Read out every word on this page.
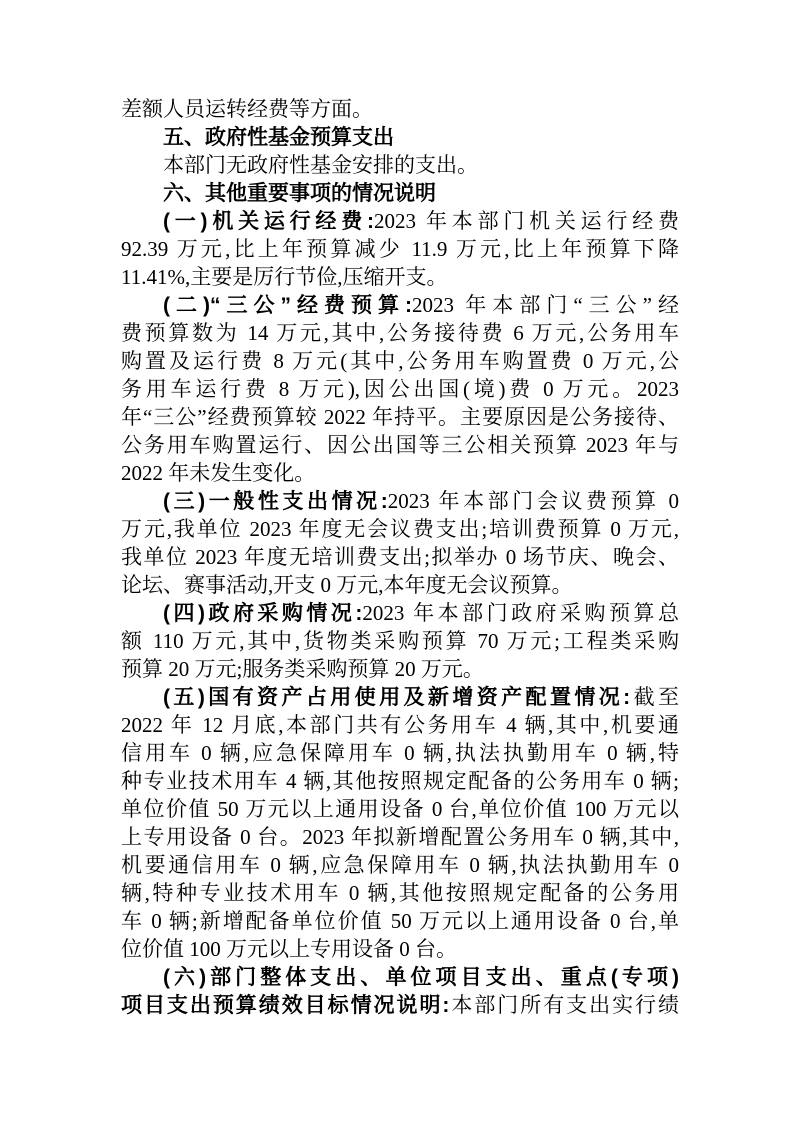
差额人员运转经费等方面。
五、政府性基金预算支出
本部门无政府性基金安排的支出。
六、其他重要事项的情况说明
(一)机关运行经费:2023 年本部门机关运行经费
92.39 万元,比上年预算减少 11.9 万元,比上年预算下降
11.41%,主要是厉行节俭,压缩开支。
(二)“三公”经费预算:2023 年本部门“三公”经
费预算数为 14 万元,其中,公务接待费 6 万元,公务用车
购置及运行费 8 万元(其中,公务用车购置费 0 万元,公
务用车运行费 8 万元),因公出国(境)费 0 万元。2023
年“三公”经费预算较 2022 年持平。主要原因是公务接待、
公务用车购置运行、因公出国等三公相关预算 2023 年与
2022 年未发生变化。
(三)一般性支出情况:2023 年本部门会议费预算 0
万元,我单位 2023 年度无会议费支出;培训费预算 0 万元,
我单位 2023 年度无培训费支出;拟举办 0 场节庆、晚会、
论坛、赛事活动,开支 0 万元,本年度无会议预算。
(四)政府采购情况:2023 年本部门政府采购预算总
额 110 万元,其中,货物类采购预算 70 万元;工程类采购
预算 20 万元;服务类采购预算 20 万元。
(五)国有资产占用使用及新增资产配置情况:截至
2022 年 12 月底,本部门共有公务用车 4 辆,其中,机要通
信用车 0 辆,应急保障用车 0 辆,执法执勤用车 0 辆,特
种专业技术用车 4 辆,其他按照规定配备的公务用车 0 辆;
单位价值 50 万元以上通用设备 0 台,单位价值 100 万元以
上专用设备 0 台。2023 年拟新增配置公务用车 0 辆,其中,
机要通信用车 0 辆,应急保障用车 0 辆,执法执勤用车 0
辆,特种专业技术用车 0 辆,其他按照规定配备的公务用
车 0 辆;新增配备单位价值 50 万元以上通用设备 0 台,单
位价值 100 万元以上专用设备 0 台。
(六)部门整体支出、单位项目支出、重点(专项)
项目支出预算绩效目标情况说明:本部门所有支出实行绩
